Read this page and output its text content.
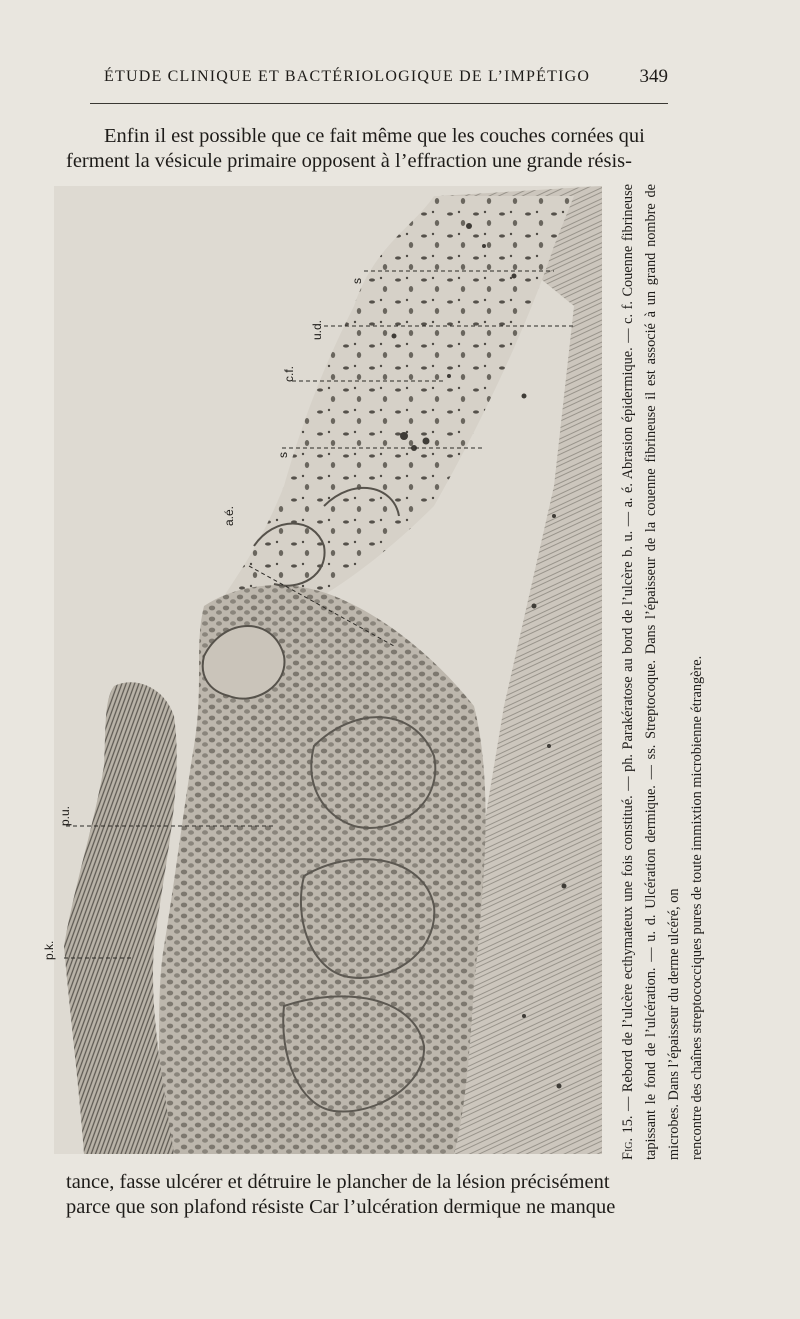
ÉTUDE CLINIQUE ET BACTÉRIOLOGIQUE DE L’IMPÉTIGO	349
Enfin il est possible que ce fait même que les couches cornées qui
ferment la vésicule primaire opposent à l’effraction une grande résis-
s
u.d.
c.f.
s
a.é.
p.u.
p.k.

Fig. 15. — Rebord de l’ulcère ecthymateux une fois constitué. — ph. Parakératose au bord de l’ulcère b. u. — a. é. Abrasion épidermique. — c. f. Couenne fibrineuse tapissant le fond de l’ulcération. — u. d. Ulcération dermique. — ss. Streptocoque. Dans l’épaisseur de la couenne fibrineuse il est associé à un grand nombre de microbes. Dans l’épaisseur du derme ulcéré, on rencontre des chaînes streptococciques pures de toute immixtion microbienne étrangère.

tance, fasse ulcérer et détruire le plancher de la lésion précisément
parce que son plafond résiste Car l’ulcération dermique ne manque
